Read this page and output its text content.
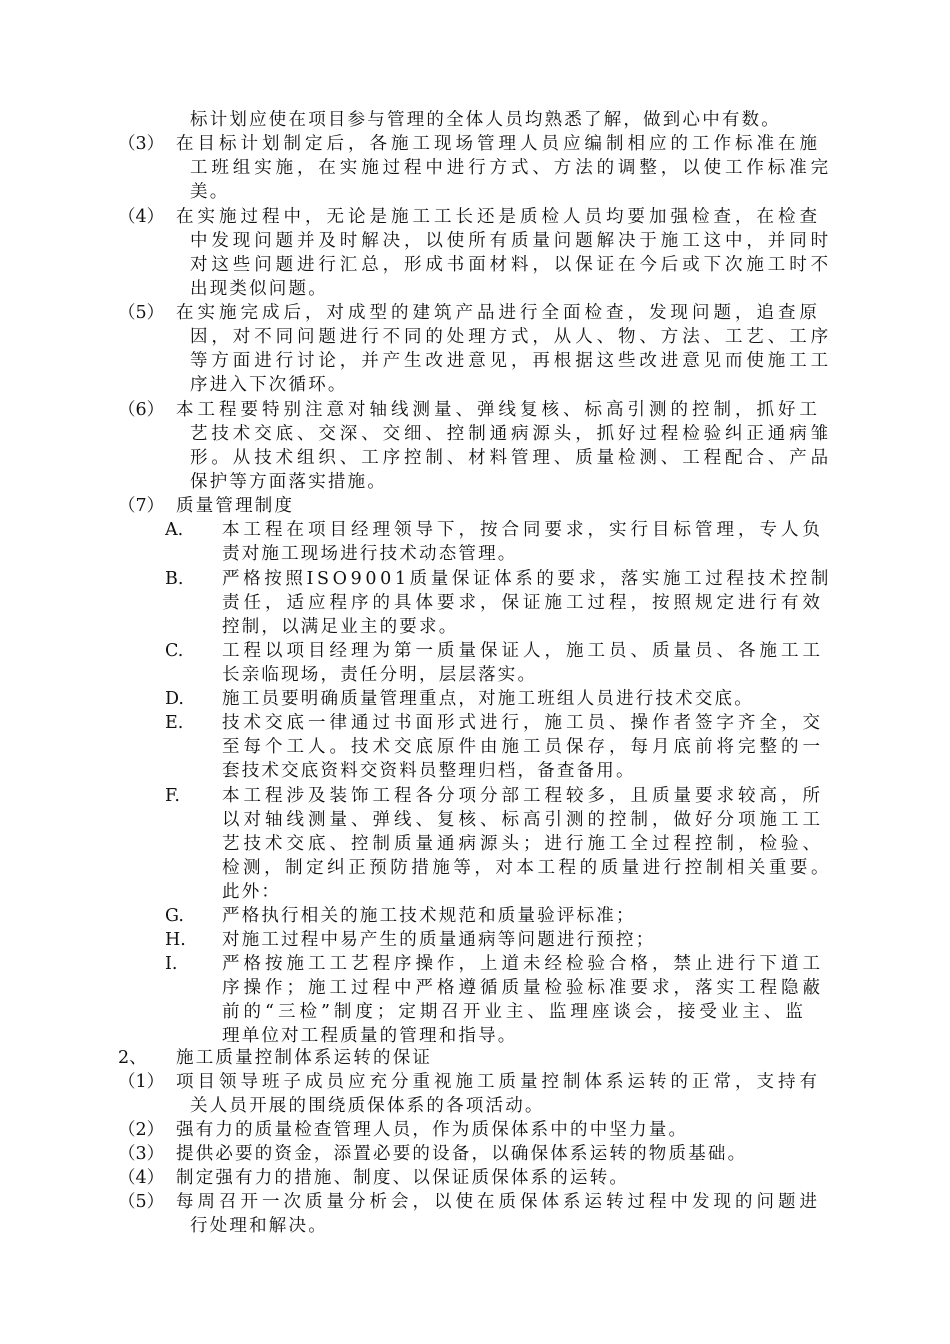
标计划应使在项目参与管理的全体人员均熟悉了解，做到心中有数。
（3） 在目标计划制定后，各施工现场管理人员应编制相应的工作标准在施
工班组实施，在实施过程中进行方式、方法的调整，以使工作标准完
美。
（4） 在实施过程中，无论是施工工长还是质检人员均要加强检查，在检查
中发现问题并及时解决，以使所有质量问题解决于施工这中，并同时
对这些问题进行汇总，形成书面材料，以保证在今后或下次施工时不
出现类似问题。
（5） 在实施完成后，对成型的建筑产品进行全面检查，发现问题，追查原
因，对不同问题进行不同的处理方式，从人、物、方法、工艺、工序
等方面进行讨论，并产生改进意见，再根据这些改进意见而使施工工
序进入下次循环。
（6） 本工程要特别注意对轴线测量、弹线复核、标高引测的控制，抓好工
艺技术交底、交深、交细、控制通病源头，抓好过程检验纠正通病雏
形。从技术组织、工序控制、材料管理、质量检测、工程配合、产品
保护等方面落实措施。
（7） 质量管理制度
A. 本工程在项目经理领导下，按合同要求，实行目标管理，专人负
责对施工现场进行技术动态管理。
B. 严格按照ISO9001质量保证体系的要求，落实施工过程技术控制
责任，适应程序的具体要求，保证施工过程，按照规定进行有效
控制，以满足业主的要求。
C. 工程以项目经理为第一质量保证人，施工员、质量员、各施工工
长亲临现场，责任分明，层层落实。
D. 施工员要明确质量管理重点，对施工班组人员进行技术交底。
E. 技术交底一律通过书面形式进行，施工员、操作者签字齐全，交
至每个工人。技术交底原件由施工员保存，每月底前将完整的一
套技术交底资料交资料员整理归档，备查备用。
F. 本工程涉及装饰工程各分项分部工程较多，且质量要求较高，所
以对轴线测量、弹线、复核、标高引测的控制，做好分项施工工
艺技术交底、控制质量通病源头；进行施工全过程控制，检验、
检测，制定纠正预防措施等，对本工程的质量进行控制相关重要。
此外：
G. 严格执行相关的施工技术规范和质量验评标准；
H. 对施工过程中易产生的质量通病等问题进行预控；
I.	严格按施工工艺程序操作，上道未经检验合格，禁止进行下道工
序操作；施工过程中严格遵循质量检验标准要求，落实工程隐蔽
前的“三检”制度；定期召开业主、监理座谈会，接受业主、监
理单位对工程质量的管理和指导。
2、 施工质量控制体系运转的保证
（1） 项目领导班子成员应充分重视施工质量控制体系运转的正常，支持有
关人员开展的围绕质保体系的各项活动。
（2） 强有力的质量检查管理人员，作为质保体系中的中坚力量。
（3） 提供必要的资金，添置必要的设备，以确保体系运转的物质基础。
（4） 制定强有力的措施、制度、以保证质保体系的运转。
（5） 每周召开一次质量分析会，以使在质保体系运转过程中发现的问题进
行处理和解决。
